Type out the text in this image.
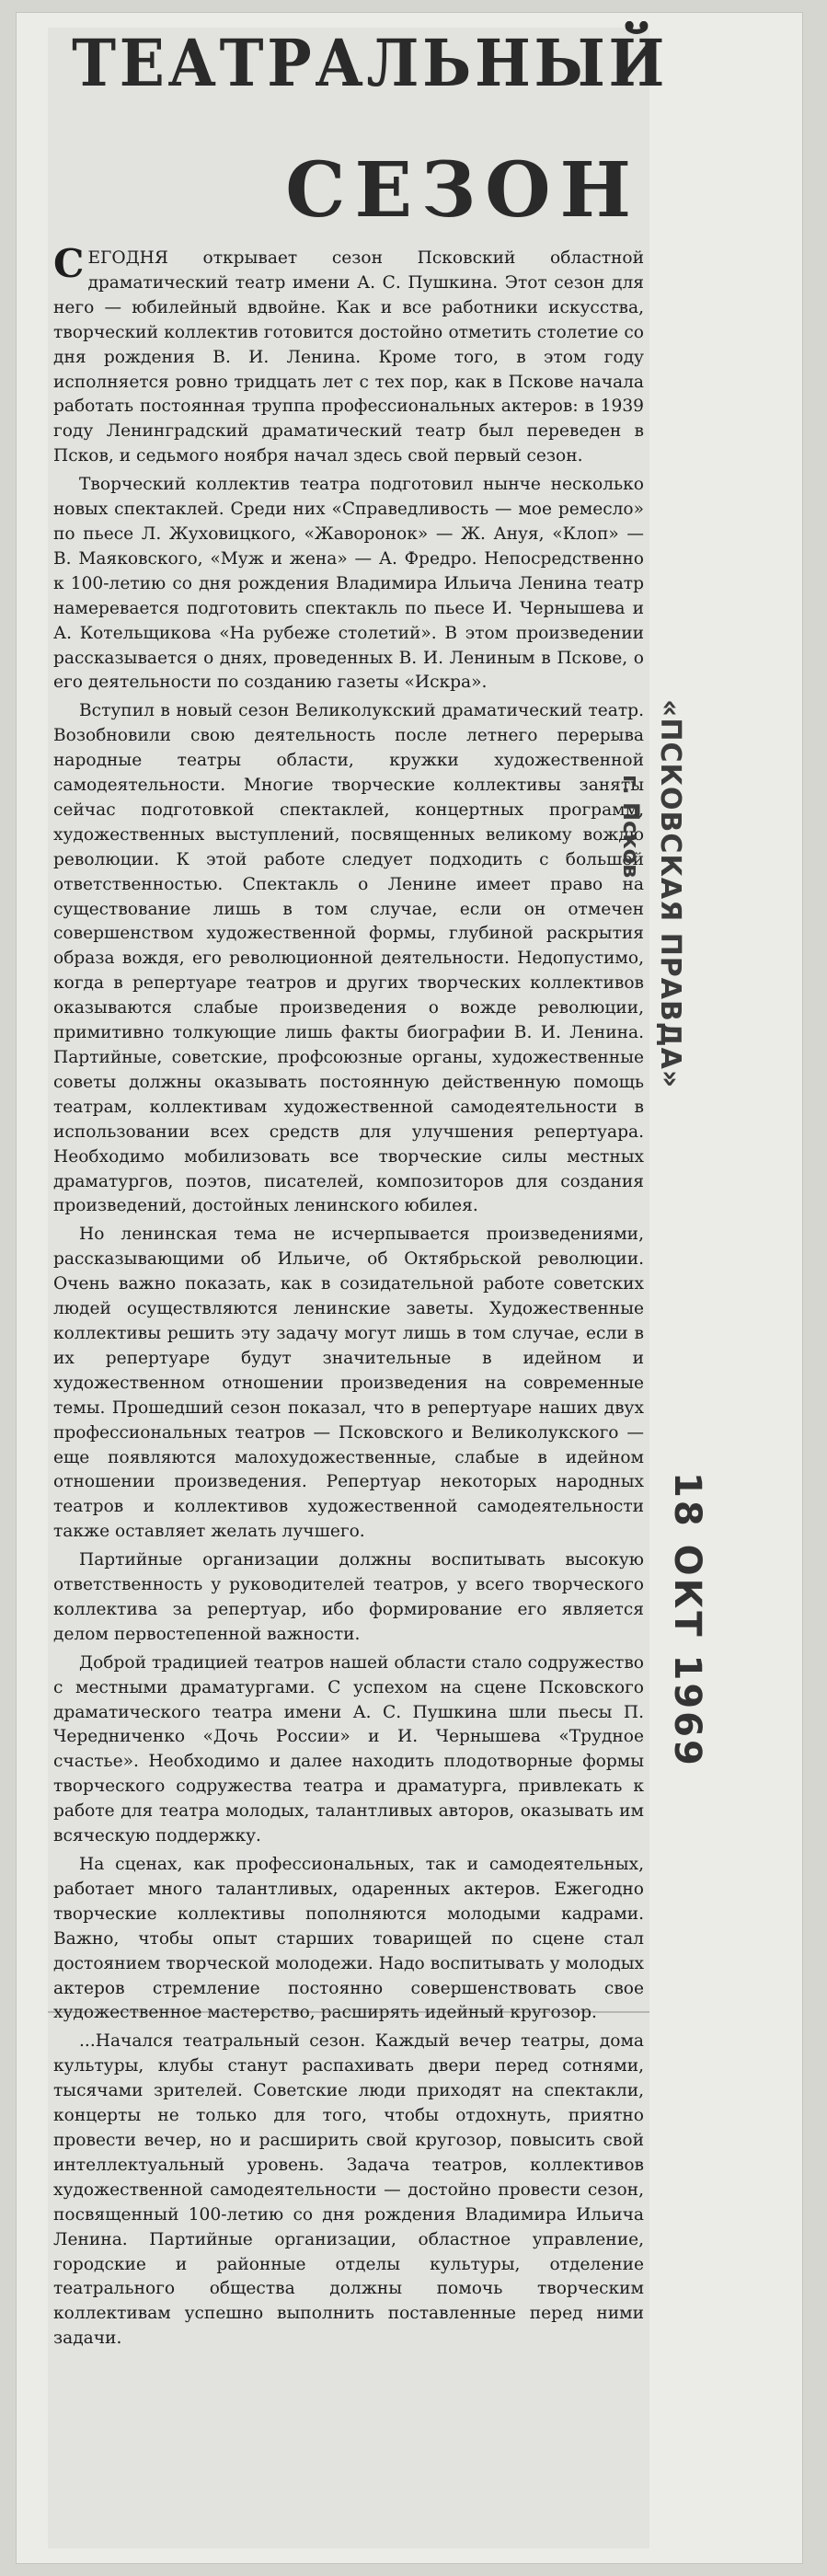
ТЕАТРАЛЬНЫЙ
СЕЗОН

СЕГОДНЯ открывает сезон Псковский областной драматический театр имени А. С. Пушкина. Этот сезон для него — юбилейный вдвойне. Как и все работники искусства, творческий коллектив готовится достойно отметить столетие со дня рождения В. И. Ленина. Кроме того, в этом году исполняется ровно тридцать лет с тех пор, как в Пскове начала работать постоянная труппа профессиональных актеров: в 1939 году Ленинградский драматический театр был переведен в Псков, и седьмого ноября начал здесь свой первый сезон.

Творческий коллектив театра подготовил нынче несколько новых спектаклей. Среди них «Справедливость — мое ремесло» по пьесе Л. Жуховицкого, «Жаворонок» — Ж. Ануя, «Клоп» — В. Маяковского, «Муж и жена» — А. Фредро. Непосредственно к 100-летию со дня рождения Владимира Ильича Ленина театр намеревается подготовить спектакль по пьесе И. Чернышева и А. Котельщикова «На рубеже столетий». В этом произведении рассказывается о днях, проведенных В. И. Лениным в Пскове, о его деятельности по созданию газеты «Искра».

Вступил в новый сезон Великолукский драматический театр. Возобновили свою деятельность после летнего перерыва народные театры области, кружки художественной самодеятельности. Многие творческие коллективы заняты сейчас подготовкой спектаклей, концертных программ, художественных выступлений, посвященных великому вождю революции. К этой работе следует подходить с большой ответственностью. Спектакль о Ленине имеет право на существование лишь в том случае, если он отмечен совершенством художественной формы, глубиной раскрытия образа вождя, его революционной деятельности. Недопустимо, когда в репертуаре театров и других творческих коллективов оказываются слабые произведения о вожде революции, примитивно толкующие лишь факты биографии В. И. Ленина. Партийные, советские, профсоюзные органы, художественные советы должны оказывать постоянную действенную помощь театрам, коллективам художественной самодеятельности в использовании всех средств для улучшения репертуара. Необходимо мобилизовать все творческие силы местных драматургов, поэтов, писателей, композиторов для создания произведений, достойных ленинского юбилея.

Но ленинская тема не исчерпывается произведениями, рассказывающими об Ильиче, об Октябрьской революции. Очень важно показать, как в созидательной работе советских людей осуществляются ленинские заветы. Художественные коллективы решить эту задачу могут лишь в том случае, если в их репертуаре будут значительные в идейном и художественном отношении произведения на современные темы. Прошедший сезон показал, что в репертуаре наших двух профессиональных театров — Псковского и Великолукского — еще появляются малохудожественные, слабые в идейном отношении произведения. Репертуар некоторых народных театров и коллективов художественной самодеятельности также оставляет желать лучшего.

Партийные организации должны воспитывать высокую ответственность у руководителей театров, у всего творческого коллектива за репертуар, ибо формирование его является делом первостепенной важности.

Доброй традицией театров нашей области стало содружество с местными драматургами. С успехом на сцене Псковского драматического театра имени А. С. Пушкина шли пьесы П. Чередниченко «Дочь России» и И. Чернышева «Трудное счастье». Необходимо и далее находить плодотворные формы творческого содружества театра и драматурга, привлекать к работе для театра молодых, талантливых авторов, оказывать им всяческую поддержку.

На сценах, как профессиональных, так и самодеятельных, работает много талантливых, одаренных актеров. Ежегодно творческие коллективы пополняются молодыми кадрами. Важно, чтобы опыт старших товарищей по сцене стал достоянием творческой молодежи. Надо воспитывать у молодых актеров стремление постоянно совершенствовать свое художественное мастерство, расширять идейный кругозор.

...Начался театральный сезон. Каждый вечер театры, дома культуры, клубы станут распахивать двери перед сотнями, тысячами зрителей. Советские люди приходят на спектакли, концерты не только для того, чтобы отдохнуть, приятно провести вечер, но и расширить свой кругозор, повысить свой интеллектуальный уровень. Задача театров, коллективов художественной самодеятельности — достойно провести сезон, посвященный 100-летию со дня рождения Владимира Ильича Ленина. Партийные организации, областное управление, городские и районные отделы культуры, отделение театрального общества должны помочь творческим коллективам успешно выполнить поставленные перед ними задачи.

«ПСКОВСКАЯ ПРАВДА»
г. Псков
18 ОКТ 1969
